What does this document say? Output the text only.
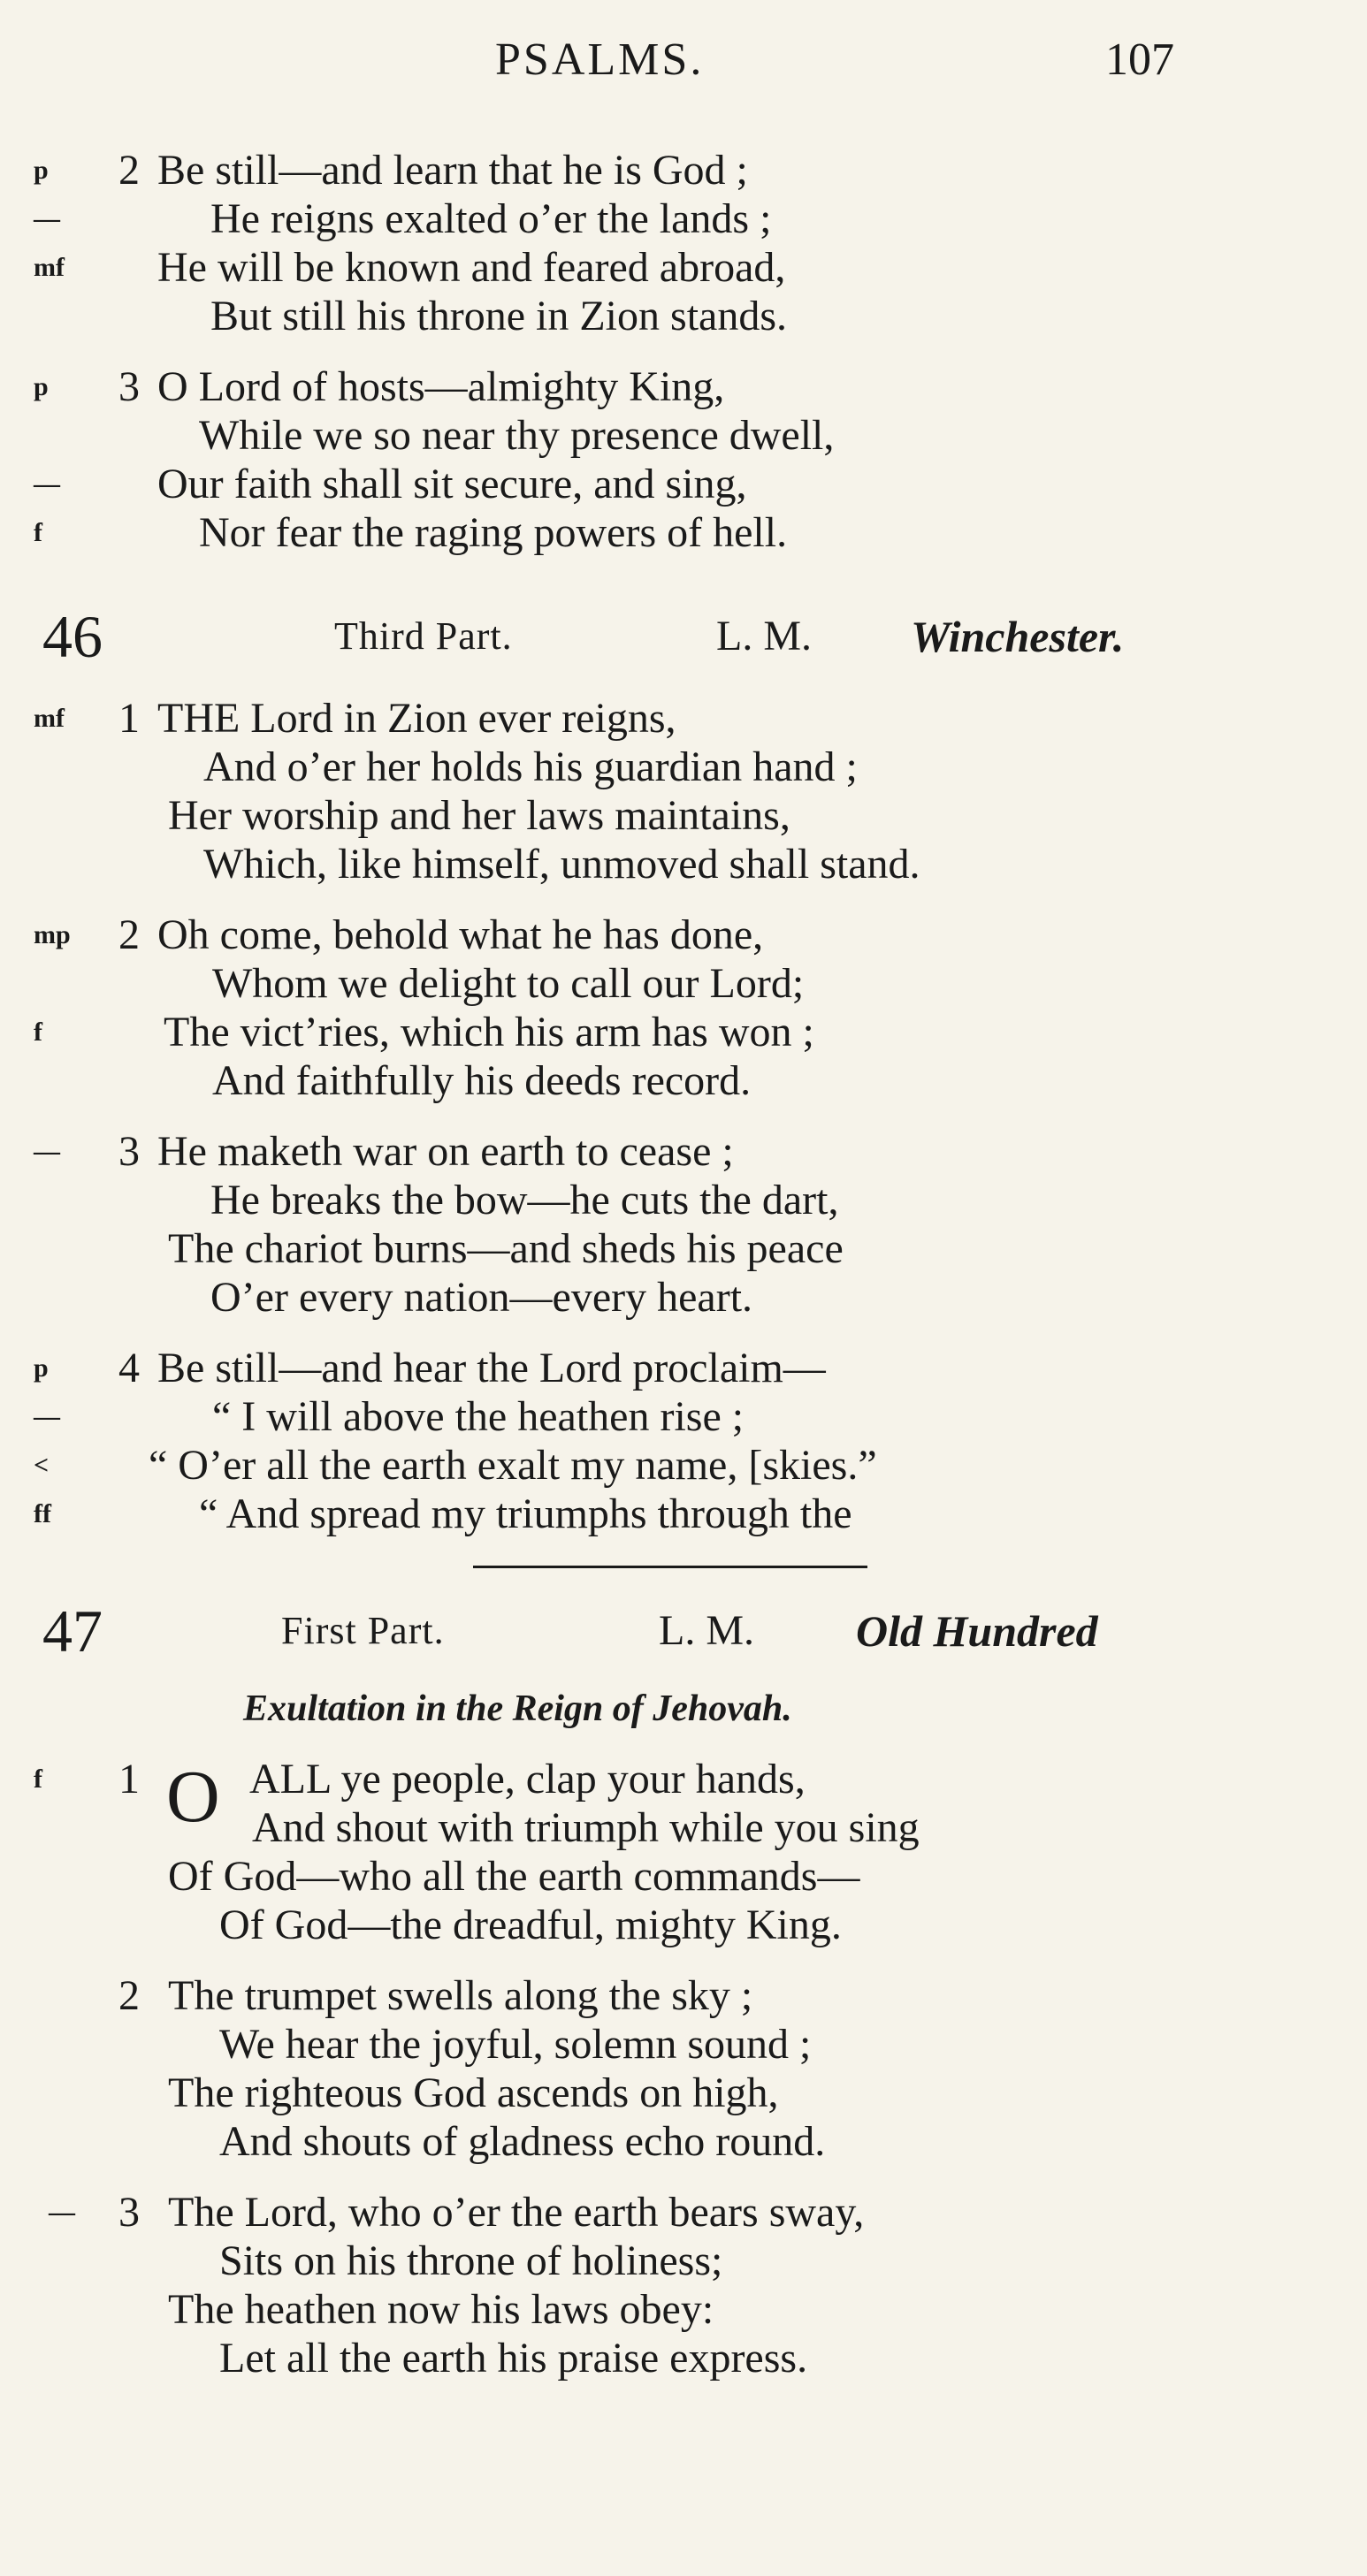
PSALMS.	107
p	2 Be still—and learn that he is God ;
—	He reigns exalted o’er the lands ;
mf	He will be known and feared abroad,
But still his throne in Zion stands.
p	3 O Lord of hosts—almighty King,
While we so near thy presence dwell,
—	Our faith shall sit secure, and sing,
f	Nor fear the raging powers of hell.
46	Third Part.	L. M. Winchester.
mf	1 THE Lord in Zion ever reigns,
And o’er her holds his guardian hand ;
Her worship and her laws maintains,
Which, like himself, unmoved shall stand.
mp	2 Oh come, behold what he has done,
Whom we delight to call our Lord;
f	The vict’ries, which his arm has won ;
And faithfully his deeds record.
—	3 He maketh war on earth to cease ;
He breaks the bow—he cuts the dart,
The chariot burns—and sheds his peace
O’er every nation—every heart.
p	4 Be still—and hear the Lord proclaim—
—	“ I will above the heathen rise ;
<	“ O’er all the earth exalt my name, [skies.”
ff	“ And spread my triumphs through the
47	First Part.	L. M. Old Hundred
Exultation in the Reign of Jehovah.
f	1 O ALL ye people, clap your hands,
And shout with triumph while you sing
Of God—who all the earth commands—
Of God—the dreadful, mighty King.
2 The trumpet swells along the sky ;
We hear the joyful, solemn sound ;
The righteous God ascends on high,
And shouts of gladness echo round.
—	3 The Lord, who o’er the earth bears sway,
Sits on his throne of holiness;
The heathen now his laws obey:
Let all the earth his praise express.
